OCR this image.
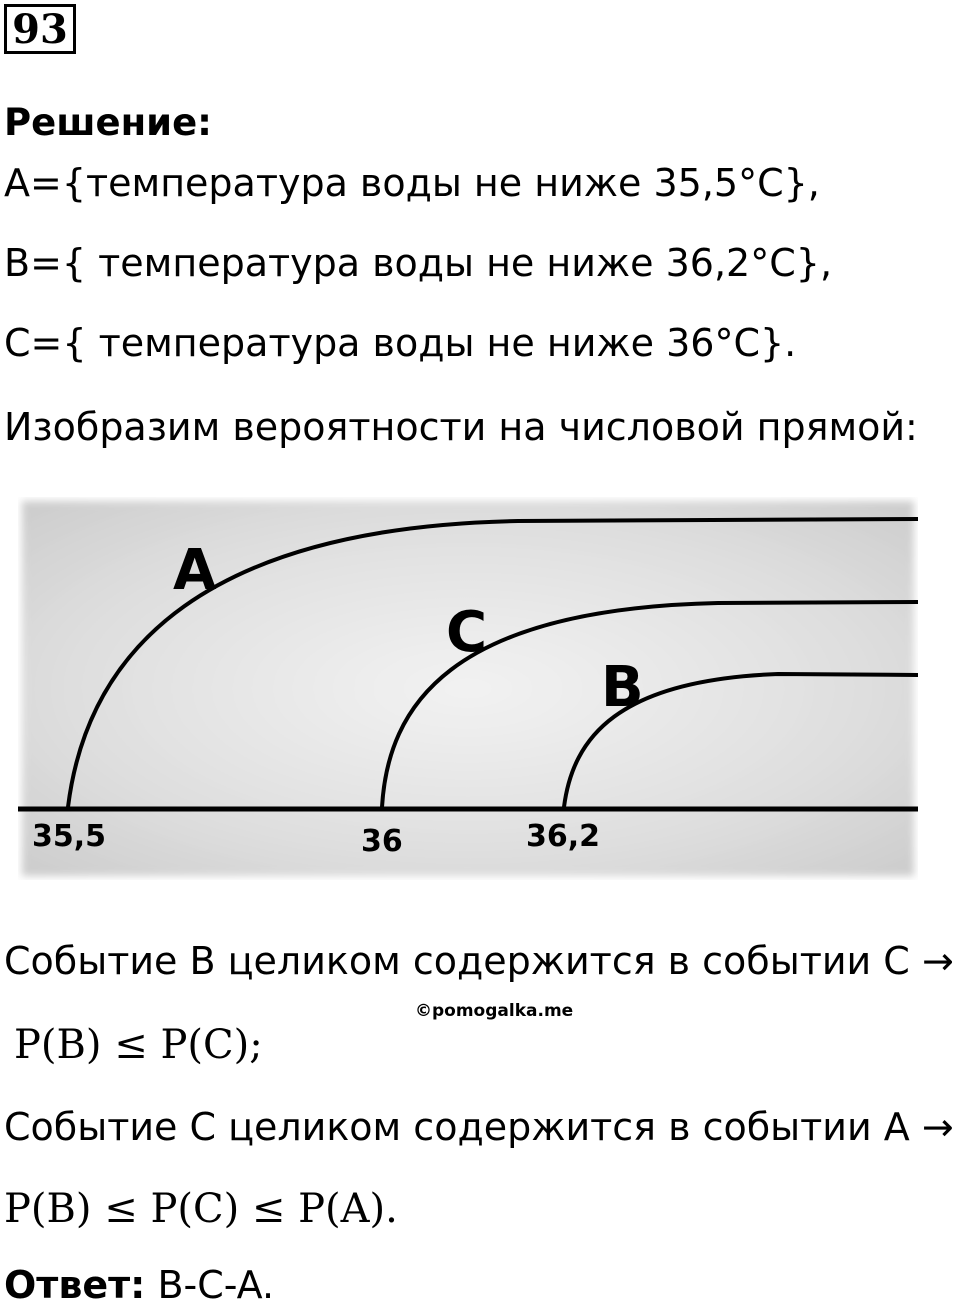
93
Решение:
A={температура воды не ниже 35,5°C},
B={ температура воды не ниже 36,2°C},
C={ температура воды не ниже 36°C}.
Изобразим вероятности на числовой прямой:
A
C
B
35,5	36	36,2
Событие B целиком содержится в событии C →
©pomogalka.me
P(B) ≤ P(C);
Событие C целиком содержится в событии A →
P(B) ≤ P(C) ≤ P(A).
Ответ: B-C-A.
